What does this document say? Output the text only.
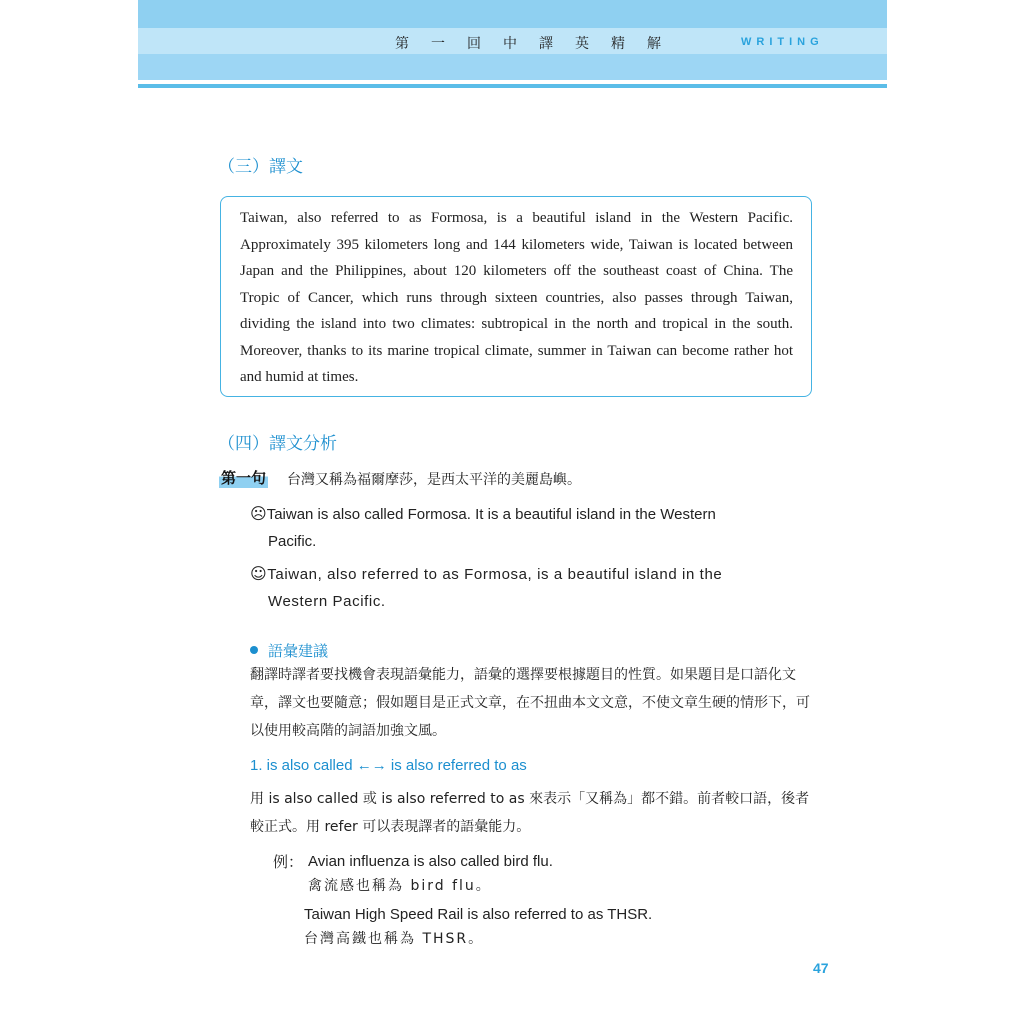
第一回中譯英精解	WRITING
（三）譯文

Taiwan, also referred to as Formosa, is a beautiful island in the Western Pacific. Approximately 395 kilometers long and 144 kilometers wide, Taiwan is located between Japan and the Philippines, about 120 kilometers off the southeast coast of China. The Tropic of Cancer, which runs through sixteen countries, also passes through Taiwan, dividing the island into two climates: subtropical in the north and tropical in the south. Moreover, thanks to its marine tropical climate, summer in Taiwan can become rather hot and humid at times.

（四）譯文分析
第一句 台灣又稱為福爾摩莎，是西太平洋的美麗島嶼。
☹Taiwan is also called Formosa. It is a beautiful island in the Western
Pacific.
☺Taiwan, also referred to as Formosa, is a beautiful island in the
Western Pacific.
語彙建議
翻譯時譯者要找機會表現語彙能力，語彙的選擇要根據題目的性質。如果題目是口語化文章，譯文也要隨意；假如題目是正式文章，在不扭曲本文文意，不使文章生硬的情形下，可以使用較高階的詞語加強文風。
1. is also called ←→ is also referred to as
用 is also called 或 is also referred to as 來表示「又稱為」都不錯。前者較口語，後者較正式。用 refer 可以表現譯者的語彙能力。
例： Avian influenza is also called bird flu.
禽流感也稱為 bird flu。
Taiwan High Speed Rail is also referred to as THSR.
台灣高鐵也稱為 THSR。
47
